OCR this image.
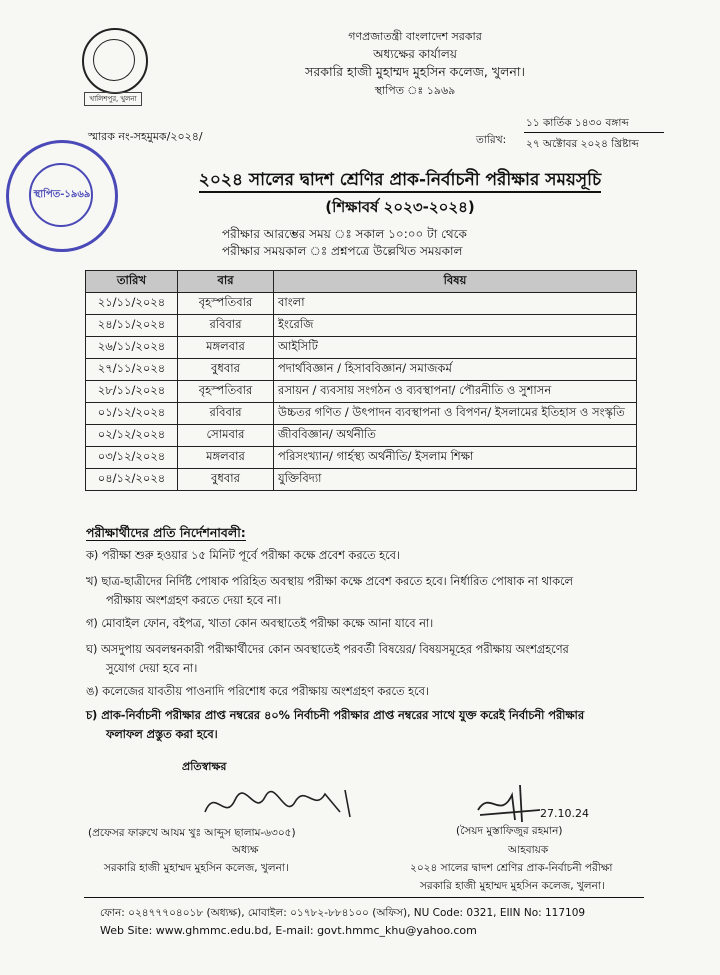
খালিশপুর, খুলনা
গণপ্রজাতন্ত্রী বাংলাদেশ সরকার
অধ্যক্ষের কার্যালয়
সরকারি হাজী মুহাম্মদ মুহসিন কলেজ, খুলনা।
স্থাপিত ঃ ১৯৬৯
স্মারক নং-সহমুমক/২০২৪/
১১ কার্তিক ১৪৩০ বঙ্গাব্দ
তারিখ: ২৭ অক্টোবর ২০২৪ খ্রিষ্টাব্দ
স্থাপিত-১৯৬৯
২০২৪ সালের দ্বাদশ শ্রেণির প্রাক-নির্বাচনী পরীক্ষার সময়সূচি
(শিক্ষাবর্ষ ২০২৩-২০২৪)
পরীক্ষার আরম্ভের সময় ঃ সকাল ১০:০০ টা থেকে
পরীক্ষার সময়কাল ঃ প্রশ্নপত্রে উল্লেখিত সময়কাল
তারিখ	বার	বিষয়
২১/১১/২০২৪	বৃহস্পতিবার	বাংলা
২৪/১১/২০২৪	রবিবার	ইংরেজি
২৬/১১/২০২৪	মঙ্গলবার	আইসিটি
২৭/১১/২০২৪	বুধবার	পদার্থবিজ্ঞান / হিসাববিজ্ঞান/ সমাজকর্ম
২৮/১১/২০২৪	বৃহস্পতিবার	রসায়ন / ব্যবসায় সংগঠন ও ব্যবস্থাপনা/ পৌরনীতি ও সুশাসন
০১/১২/২০২৪	রবিবার	উচ্চতর গণিত / উৎপাদন ব্যবস্থাপনা ও বিপণন/ ইসলামের ইতিহাস ও সংস্কৃতি
০২/১২/২০২৪	সোমবার	জীববিজ্ঞান/ অর্থনীতি
০৩/১২/২০২৪	মঙ্গলবার	পরিসংখ্যান/ গার্হস্থ্য অর্থনীতি/ ইসলাম শিক্ষা
০৪/১২/২০২৪	বুধবার	যুক্তিবিদ্যা
পরীক্ষার্থীদের প্রতি নির্দেশনাবলী:
ক) পরীক্ষা শুরু হওয়ার ১৫ মিনিট পূর্বে পরীক্ষা কক্ষে প্রবেশ করতে হবে।
খ) ছাত্র-ছাত্রীদের নির্দিষ্ট পোষাক পরিহিত অবস্থায় পরীক্ষা কক্ষে প্রবেশ করতে হবে। নির্ধারিত পোষাক না থাকলে
পরীক্ষায় অংশগ্রহণ করতে দেয়া হবে না।
গ) মোবাইল ফোন, বইপত্র, খাতা কোন অবস্থাতেই পরীক্ষা কক্ষে আনা যাবে না।
ঘ) অসদুপায় অবলম্বনকারী পরীক্ষার্থীদের কোন অবস্থাতেই পরবর্তী বিষয়ের/ বিষয়সমূহের পরীক্ষায় অংশগ্রহণের
সুযোগ দেয়া হবে না।
ঙ) কলেজের যাবতীয় পাওনাদি পরিশোধ করে পরীক্ষায় অংশগ্রহণ করতে হবে।
চ) প্রাক-নির্বাচনী পরীক্ষার প্রাপ্ত নম্বরের ৪০% নির্বাচনী পরীক্ষার প্রাপ্ত নম্বরের সাথে যুক্ত করেই নির্বাচনী পরীক্ষার
ফলাফল প্রস্তুত করা হবে।
প্রতিস্বাক্ষর
27.10.24
(প্রফেসর ফারুখে আযম খুঃ আব্দুস ছালাম-৬৩০৫)
অধ্যক্ষ
সরকারি হাজী মুহাম্মদ মুহসিন কলেজ, খুলনা।
(সৈয়দ মুস্তাফিজুর রহমান)
আহবায়ক
২০২৪ সালের দ্বাদশ শ্রেণির প্রাক-নির্বাচনী পরীক্ষা
সরকারি হাজী মুহাম্মদ মুহসিন কলেজ, খুলনা।
ফোন: ০২৪৭৭৭০৪০১৮ (অধ্যক্ষ), মোবাইল: ০১৭৮২-৮৮৪১০০ (অফিস), NU Code: 0321, EIIN No: 117109
Web Site: www.ghmmc.edu.bd, E-mail: govt.hmmc_khu@yahoo.com
